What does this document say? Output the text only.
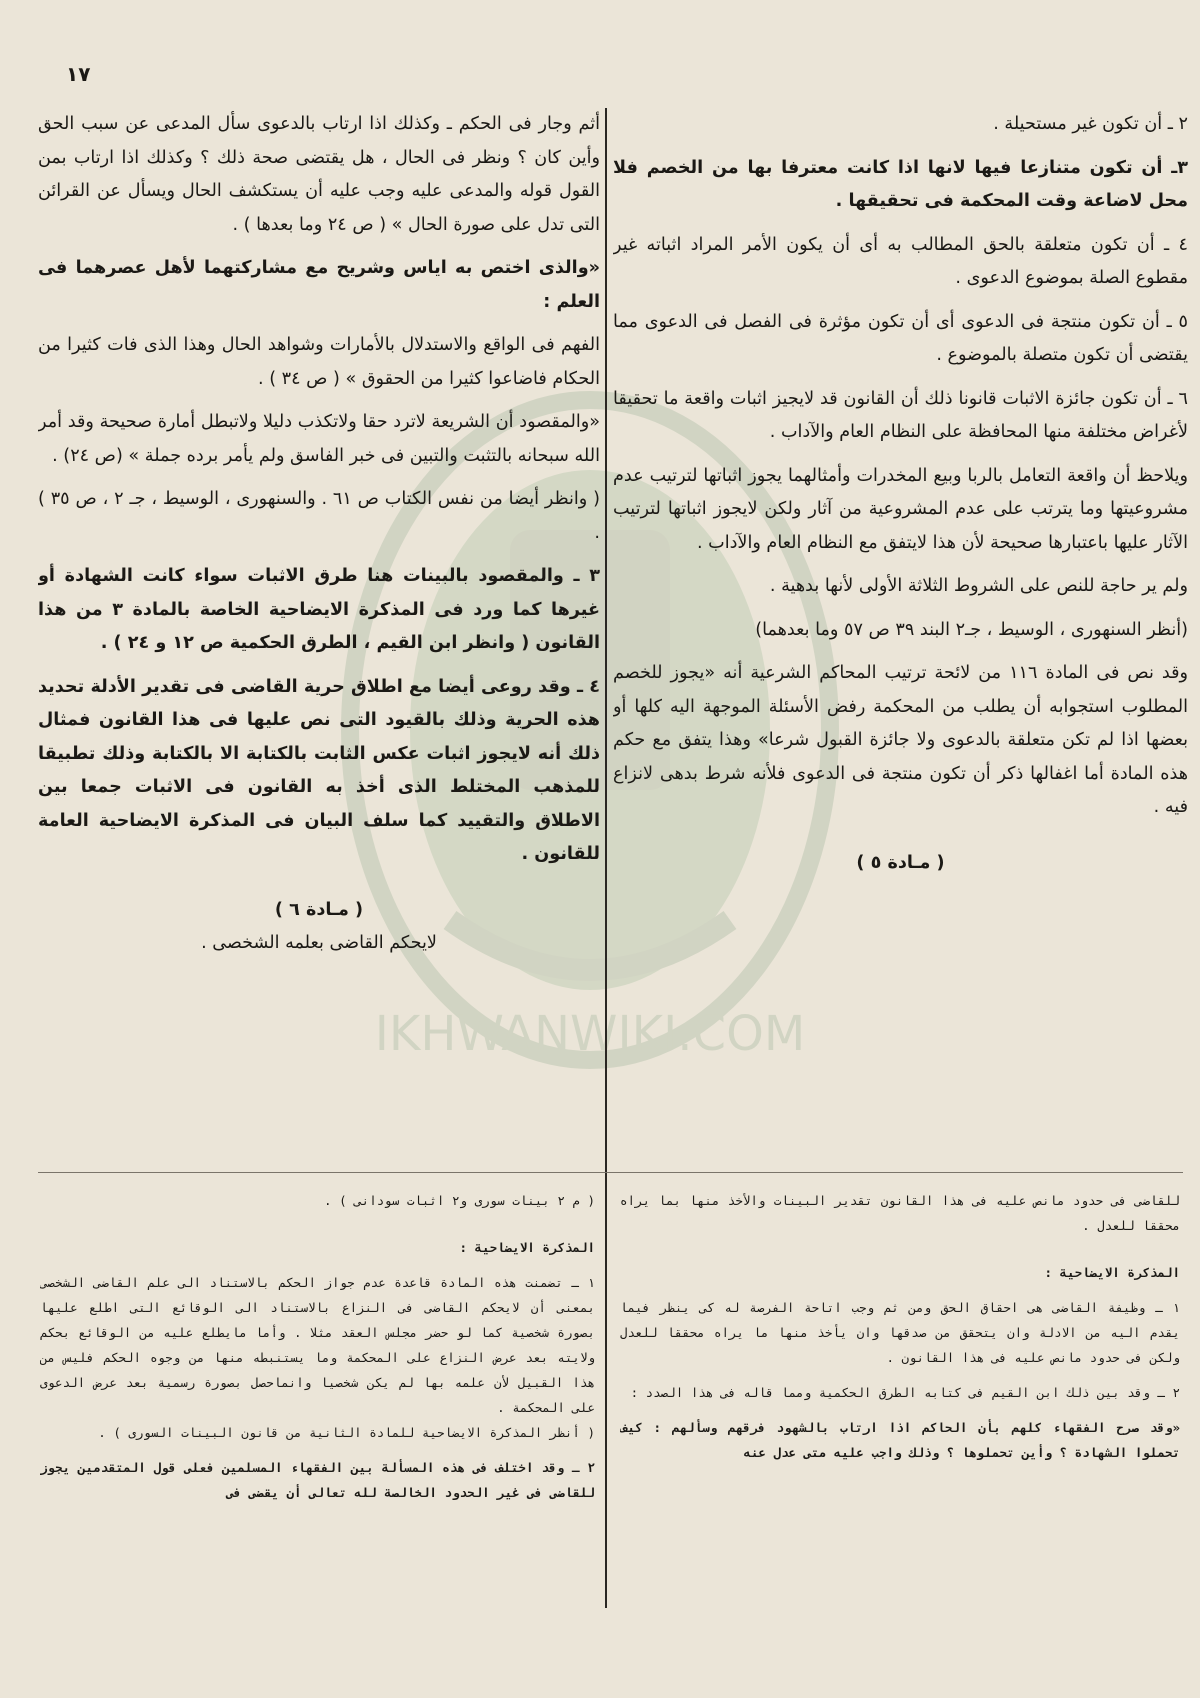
IKHWANWIKI.COM
١٧

٢ ـ أن تكون غير مستحيلة .

٣ـ أن تكون متنازعا فيها لانها اذا كانت معترفا بها من الخصم فلا محل لاضاعة وقت المحكمة فى تحقيقها .

٤ ـ أن تكون متعلقة بالحق المطالب به أى أن يكون الأمر المراد اثباته غير مقطوع الصلة بموضوع الدعوى .

٥ ـ أن تكون منتجة فى الدعوى أى أن تكون مؤثرة فى الفصل فى الدعوى مما يقتضى أن تكون متصلة بالموضوع .

٦ ـ أن تكون جائزة الاثبات قانونا ذلك أن القانون قد لايجيز اثبات واقعة ما تحقيقا لأغراض مختلفة منها المحافظة على النظام العام والآداب .

ويلاحظ أن واقعة التعامل بالربا وبيع المخدرات وأمثالهما يجوز اثباتها لترتيب عدم مشروعيتها وما يترتب على عدم المشروعية من آثار ولكن لايجوز اثباتها لترتيب الآثار عليها باعتبارها صحيحة لأن هذا لايتفق مع النظام العام والآداب .

ولم ير حاجة للنص على الشروط الثلاثة الأولى لأنها بدهية .

(أنظر السنهورى ، الوسيط ، جـ٢ البند ٣٩ ص ٥٧ وما بعدهما)

وقد نص فى المادة ١١٦ من لائحة ترتيب المحاكم الشرعية أنه «يجوز للخصم المطلوب استجوابه أن يطلب من المحكمة رفض الأسئلة الموجهة اليه كلها أو بعضها اذا لم تكن متعلقة بالدعوى ولا جائزة القبول شرعا» وهذا يتفق مع حكم هذه المادة أما اغفالها ذكر أن تكون منتجة فى الدعوى فلأنه شرط بدهى لانزاع فيه .

( مـادة ٥ )

أثم وجار فى الحكم ـ وكذلك اذا ارتاب بالدعوى سأل المدعى عن سبب الحق وأين كان ؟ ونظر فى الحال ، هل يقتضى صحة ذلك ؟ وكذلك اذا ارتاب بمن القول قوله والمدعى عليه وجب عليه أن يستكشف الحال ويسأل عن القرائن التى تدل على صورة الحال » ( ص ٢٤ وما بعدها ) .

«والذى اختص به اياس وشريح مع مشاركتهما لأهل عصرهما فى العلم :

الفهم فى الواقع والاستدلال بالأمارات وشواهد الحال وهذا الذى فات كثيرا من الحكام فاضاعوا كثيرا من الحقوق » ( ص ٣٤ ) .

«والمقصود أن الشريعة لاترد حقا ولاتكذب دليلا ولاتبطل أمارة صحيحة وقد أمر الله سبحانه بالتثبت والتبين فى خبر الفاسق ولم يأمر برده جملة » (ص ٢٤) .

( وانظر أيضا من نفس الكتاب ص ٦١ . والسنهورى ، الوسيط ، جـ ٢ ، ص ٣٥ ) .

٣ ـ والمقصود بالبينات هنا طرق الاثبات سواء كانت الشهادة أو غيرها كما ورد فى المذكرة الايضاحية الخاصة بالمادة ٣ من هذا القانون ( وانظر ابن القيم ، الطرق الحكمية ص ١٢ و ٢٤ ) .

٤ ـ وقد روعى أيضا مع اطلاق حرية القاضى فى تقدير الأدلة تحديد هذه الحرية وذلك بالقيود التى نص عليها فى هذا القانون فمثال ذلك أنه لايجوز اثبات عكس الثابت بالكتابة الا بالكتابة وذلك تطبيقا للمذهب المختلط الذى أخذ به القانون فى الاثبات جمعا بين الاطلاق والتقييد كما سلف البيان فى المذكرة الايضاحية العامة للقانون .

( مـادة ٦ )

لايحكم القاضى بعلمه الشخصى .

للقاضى فى حدود مانص عليه فى هذا القانون تقدير البينات والأخذ منها بما يراه محققا للعدل .

المذكرة الايضاحية :

١ ـ وظيفة القاضى هى احقاق الحق ومن ثم وجب اتاحة الفرصة له كى ينظر فيما يقدم اليه من الادلة وان يتحقق من صدقها وان يأخذ منها ما يراه محققا للعدل ولكن فى حدود مانص عليه فى هذا القانون .

٢ ـ وقد بين ذلك ابن القيم فى كتابه الطرق الحكمية ومما قاله فى هذا الصدد :

«وقد صرح الفقهاء كلهم بأن الحاكم اذا ارتاب بالشهود فرقهم وسألهم : كيف تحملوا الشهادة ؟ وأين تحملوها ؟ وذلك واجب عليه متى عدل عنه

( م ٢ بينات سورى و٢ اثبات سودانى ) .

المذكرة الايضاحية :

١ ـ تضمنت هذه المادة قاعدة عدم جواز الحكم بالاستناد الى علم القاضى الشخصى بمعنى أن لايحكم القاضى فى النزاع بالاستناد الى الوقائع التى اطلع عليها بصورة شخصية كما لو حضر مجلس العقد مثلا . وأما مايطلع عليه من الوقائع بحكم ولايته بعد عرض النزاع على المحكمة وما يستنبطه منها من وجوه الحكم فليس من هذا القبيل لأن علمه بها لم يكن شخصيا وانماحصل بصورة رسمية بعد عرض الدعوى على المحكمة .

( أنظر المذكرة الايضاحية للمادة الثانية من قانون البينات السورى ) .

٢ ـ وقد اختلف فى هذه المسألة بين الفقهاء المسلمين فعلى قول المتقدمين يجوز للقاضى فى غير الحدود الخالصة لله تعالى أن يقضى فى
